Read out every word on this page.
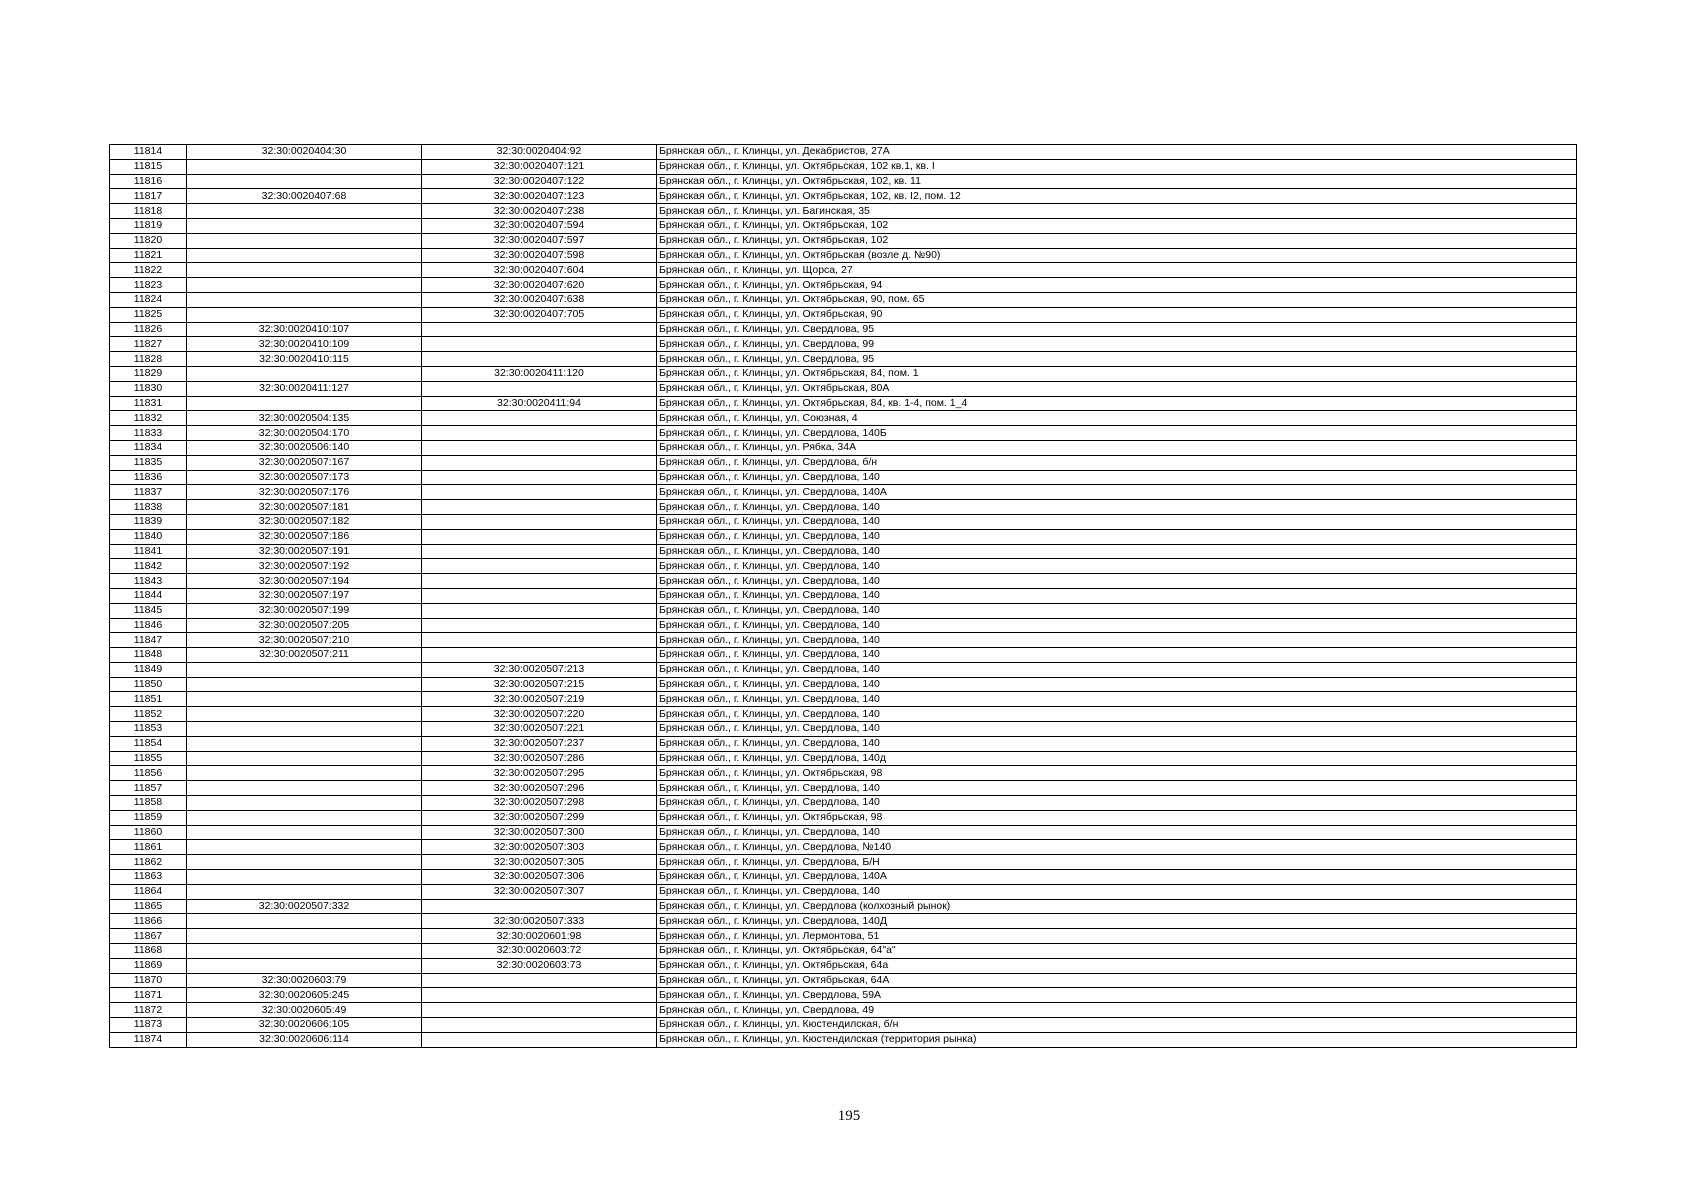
11814	32:30:0020404:30	32:30:0020404:92	Брянская обл., г. Клинцы, ул. Декабристов, 27А
11815		32:30:0020407:121	Брянская обл., г. Клинцы, ул. Октябрьская, 102 кв.1, кв. I
11816		32:30:0020407:122	Брянская обл., г. Клинцы, ул. Октябрьская, 102, кв. 11
11817	32:30:0020407:68	32:30:0020407:123	Брянская обл., г. Клинцы, ул. Октябрьская, 102, кв. I2, пом. 12
11818		32:30:0020407:238	Брянская обл., г. Клинцы, ул. Багинская, 35
11819		32:30:0020407:594	Брянская обл., г. Клинцы, ул. Октябрьская, 102
11820		32:30:0020407:597	Брянская обл., г. Клинцы, ул. Октябрьская, 102
11821		32:30:0020407:598	Брянская обл., г. Клинцы, ул. Октябрьская (возле д. №90)
11822		32:30:0020407:604	Брянская обл., г. Клинцы, ул. Щорса, 27
11823		32:30:0020407:620	Брянская обл., г. Клинцы, ул. Октябрьская, 94
11824		32:30:0020407:638	Брянская обл., г. Клинцы, ул. Октябрьская, 90, пом. 65
11825		32:30:0020407:705	Брянская обл., г. Клинцы, ул. Октябрьская, 90
11826	32:30:0020410:107		Брянская обл., г. Клинцы, ул. Свердлова, 95
11827	32:30:0020410:109		Брянская обл., г. Клинцы, ул. Свердлова, 99
11828	32:30:0020410:115		Брянская обл., г. Клинцы, ул. Свердлова, 95
11829		32:30:0020411:120	Брянская обл., г. Клинцы, ул. Октябрьская, 84, пом. 1
11830	32:30:0020411:127		Брянская обл., г. Клинцы, ул. Октябрьская, 80А
11831		32:30:0020411:94	Брянская обл., г. Клинцы, ул. Октябрьская, 84, кв. 1-4, пом. 1_4
11832	32:30:0020504:135		Брянская обл., г. Клинцы, ул. Союзная, 4
11833	32:30:0020504:170		Брянская обл., г. Клинцы, ул. Свердлова, 140Б
11834	32:30:0020506:140		Брянская обл., г. Клинцы, ул. Рябка, 34А
11835	32:30:0020507:167		Брянская обл., г. Клинцы, ул. Свердлова, б/н
11836	32:30:0020507:173		Брянская обл., г. Клинцы, ул. Свердлова, 140
11837	32:30:0020507:176		Брянская обл., г. Клинцы, ул. Свердлова, 140А
11838	32:30:0020507:181		Брянская обл., г. Клинцы, ул. Свердлова, 140
11839	32:30:0020507:182		Брянская обл., г. Клинцы, ул. Свердлова, 140
11840	32:30:0020507:186		Брянская обл., г. Клинцы, ул. Свердлова, 140
11841	32:30:0020507:191		Брянская обл., г. Клинцы, ул. Свердлова, 140
11842	32:30:0020507:192		Брянская обл., г. Клинцы, ул. Свердлова, 140
11843	32:30:0020507:194		Брянская обл., г. Клинцы, ул. Свердлова, 140
11844	32:30:0020507:197		Брянская обл., г. Клинцы, ул. Свердлова, 140
11845	32:30:0020507:199		Брянская обл., г. Клинцы, ул. Свердлова, 140
11846	32:30:0020507:205		Брянская обл., г. Клинцы, ул. Свердлова, 140
11847	32:30:0020507:210		Брянская обл., г. Клинцы, ул. Свердлова, 140
11848	32:30:0020507:211		Брянская обл., г. Клинцы, ул. Свердлова, 140
11849		32:30:0020507:213	Брянская обл., г. Клинцы, ул. Свердлова, 140
11850		32:30:0020507:215	Брянская обл., г. Клинцы, ул. Свердлова, 140
11851		32:30:0020507:219	Брянская обл., г. Клинцы, ул. Свердлова, 140
11852		32:30:0020507:220	Брянская обл., г. Клинцы, ул. Свердлова, 140
11853		32:30:0020507:221	Брянская обл., г. Клинцы, ул. Свердлова, 140
11854		32:30:0020507:237	Брянская обл., г. Клинцы, ул. Свердлова, 140
11855		32:30:0020507:286	Брянская обл., г. Клинцы, ул. Свердлова, 140д
11856		32:30:0020507:295	Брянская обл., г. Клинцы, ул. Октябрьская, 98
11857		32:30:0020507:296	Брянская обл., г. Клинцы, ул. Свердлова, 140
11858		32:30:0020507:298	Брянская обл., г. Клинцы, ул. Свердлова, 140
11859		32:30:0020507:299	Брянская обл., г. Клинцы, ул. Октябрьская, 98
11860		32:30:0020507:300	Брянская обл., г. Клинцы, ул. Свердлова, 140
11861		32:30:0020507:303	Брянская обл., г. Клинцы, ул. Свердлова, №140
11862		32:30:0020507:305	Брянская обл., г. Клинцы, ул. Свердлова, Б/Н
11863		32:30:0020507:306	Брянская обл., г. Клинцы, ул. Свердлова, 140А
11864		32:30:0020507:307	Брянская обл., г. Клинцы, ул. Свердлова, 140
11865	32:30:0020507:332		Брянская обл., г. Клинцы, ул. Свердлова (колхозный рынок)
11866		32:30:0020507:333	Брянская обл., г. Клинцы, ул. Свердлова, 140Д
11867		32:30:0020601:98	Брянская обл., г. Клинцы, ул. Лермонтова, 51
11868		32:30:0020603:72	Брянская обл., г. Клинцы, ул. Октябрьская, 64"а"
11869		32:30:0020603:73	Брянская обл., г. Клинцы, ул. Октябрьская, 64а
11870	32:30:0020603:79		Брянская обл., г. Клинцы, ул. Октябрьская, 64А
11871	32:30:0020605:245		Брянская обл., г. Клинцы, ул. Свердлова, 59А
11872	32:30:0020605:49		Брянская обл., г. Клинцы, ул. Свердлова, 49
11873	32:30:0020606:105		Брянская обл., г. Клинцы, ул. Кюстендилская, б/н
11874	32:30:0020606:114		Брянская обл., г. Клинцы, ул. Кюстендилская (территория рынка)
195
